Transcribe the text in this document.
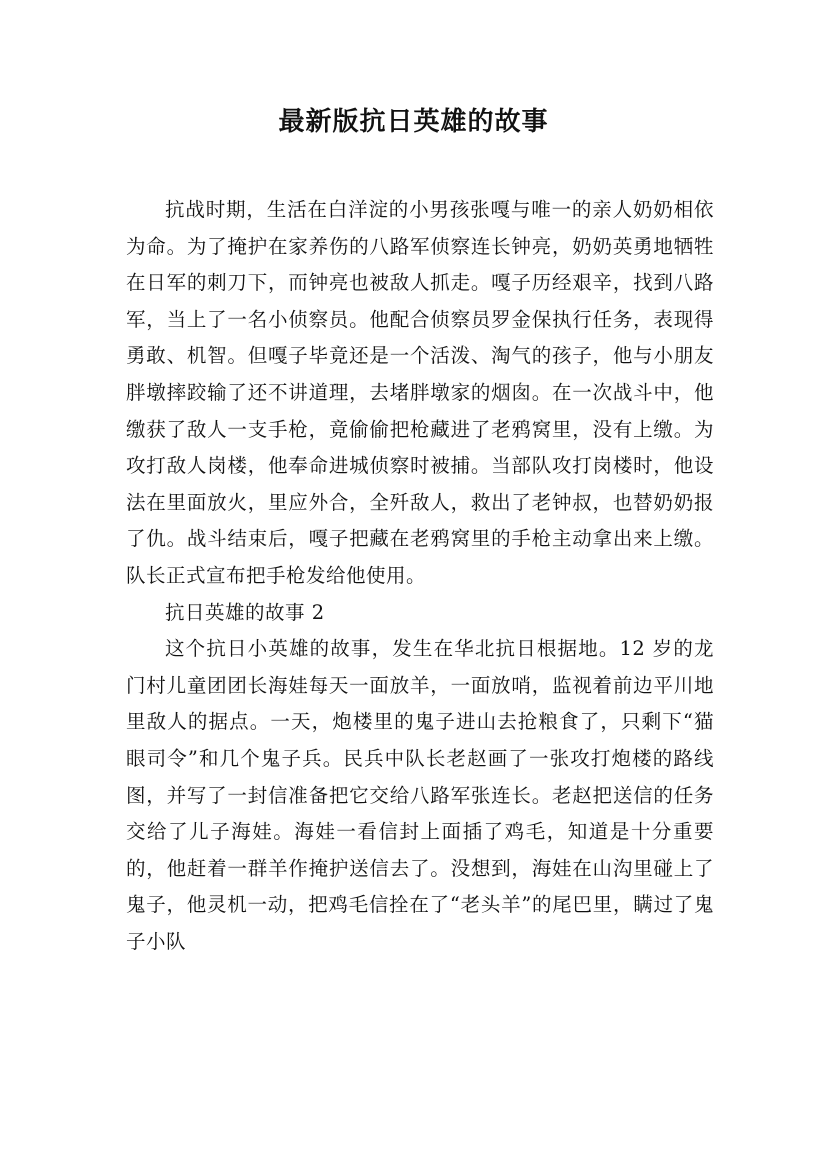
最新版抗日英雄的故事

抗战时期，生活在白洋淀的小男孩张嘎与唯一的亲人奶奶相依为命。为了掩护在家养伤的八路军侦察连长钟亮，奶奶英勇地牺牲在日军的刺刀下，而钟亮也被敌人抓走。嘎子历经艰辛，找到八路军，当上了一名小侦察员。他配合侦察员罗金保执行任务，表现得勇敢、机智。但嘎子毕竟还是一个活泼、淘气的孩子，他与小朋友胖墩摔跤输了还不讲道理，去堵胖墩家的烟囱。在一次战斗中，他缴获了敌人一支手枪，竟偷偷把枪藏进了老鸦窝里，没有上缴。为攻打敌人岗楼，他奉命进城侦察时被捕。当部队攻打岗楼时，他设法在里面放火，里应外合，全歼敌人，救出了老钟叔，也替奶奶报了仇。战斗结束后，嘎子把藏在老鸦窝里的手枪主动拿出来上缴。队长正式宣布把手枪发给他使用。

抗日英雄的故事 2

这个抗日小英雄的故事，发生在华北抗日根据地。12 岁的龙门村儿童团团长海娃每天一面放羊，一面放哨，监视着前边平川地里敌人的据点。一天，炮楼里的鬼子进山去抢粮食了，只剩下“猫眼司令”和几个鬼子兵。民兵中队长老赵画了一张攻打炮楼的路线图，并写了一封信准备把它交给八路军张连长。老赵把送信的任务交给了儿子海娃。海娃一看信封上面插了鸡毛，知道是十分重要的，他赶着一群羊作掩护送信去了。没想到，海娃在山沟里碰上了鬼子，他灵机一动，把鸡毛信拴在了“老头羊”的尾巴里，瞒过了鬼子小队
